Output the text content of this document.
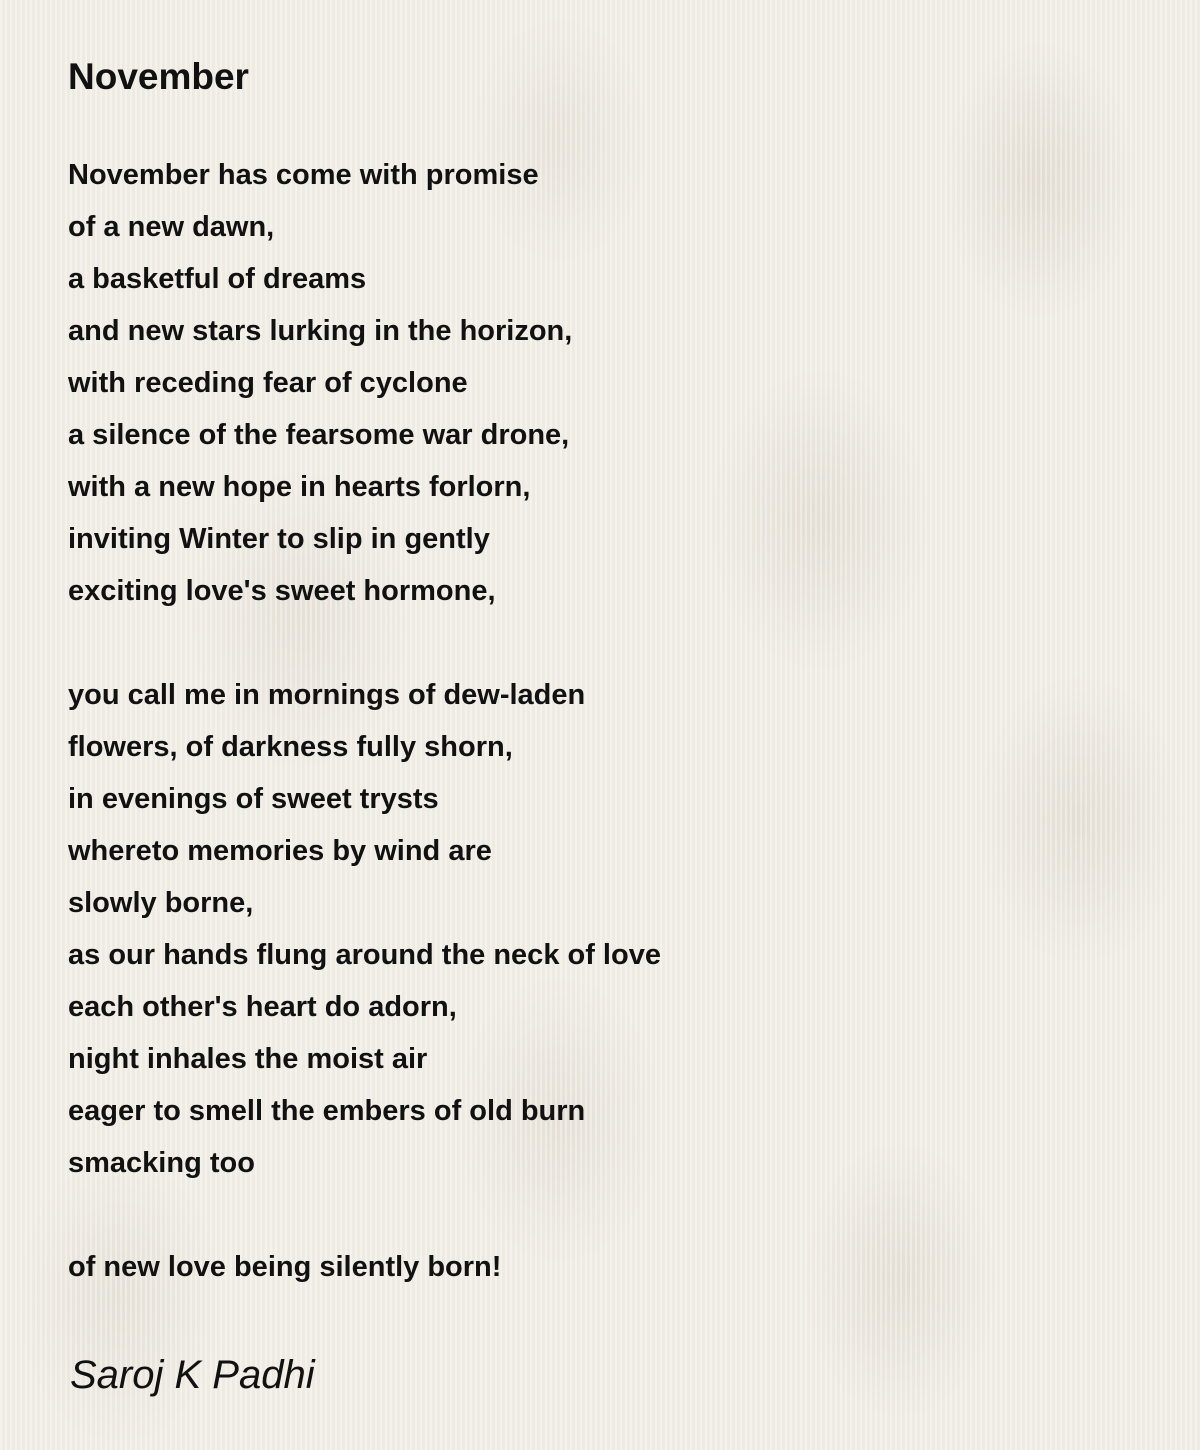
November

November has come with promise
of a new dawn,
a basketful of dreams
and new stars lurking in the horizon,
with receding fear of cyclone
a silence of the fearsome war drone,
with a new hope in hearts forlorn,
inviting Winter to slip in gently
exciting love's sweet hormone,

you call me in mornings of dew-laden
flowers, of darkness fully shorn,
in evenings of sweet trysts
whereto memories by wind are
slowly borne,
as our hands flung around the neck of love
each other's heart do adorn,
night inhales the moist air
eager to smell the embers of old burn
smacking too

of new love being silently born!

Saroj K Padhi
